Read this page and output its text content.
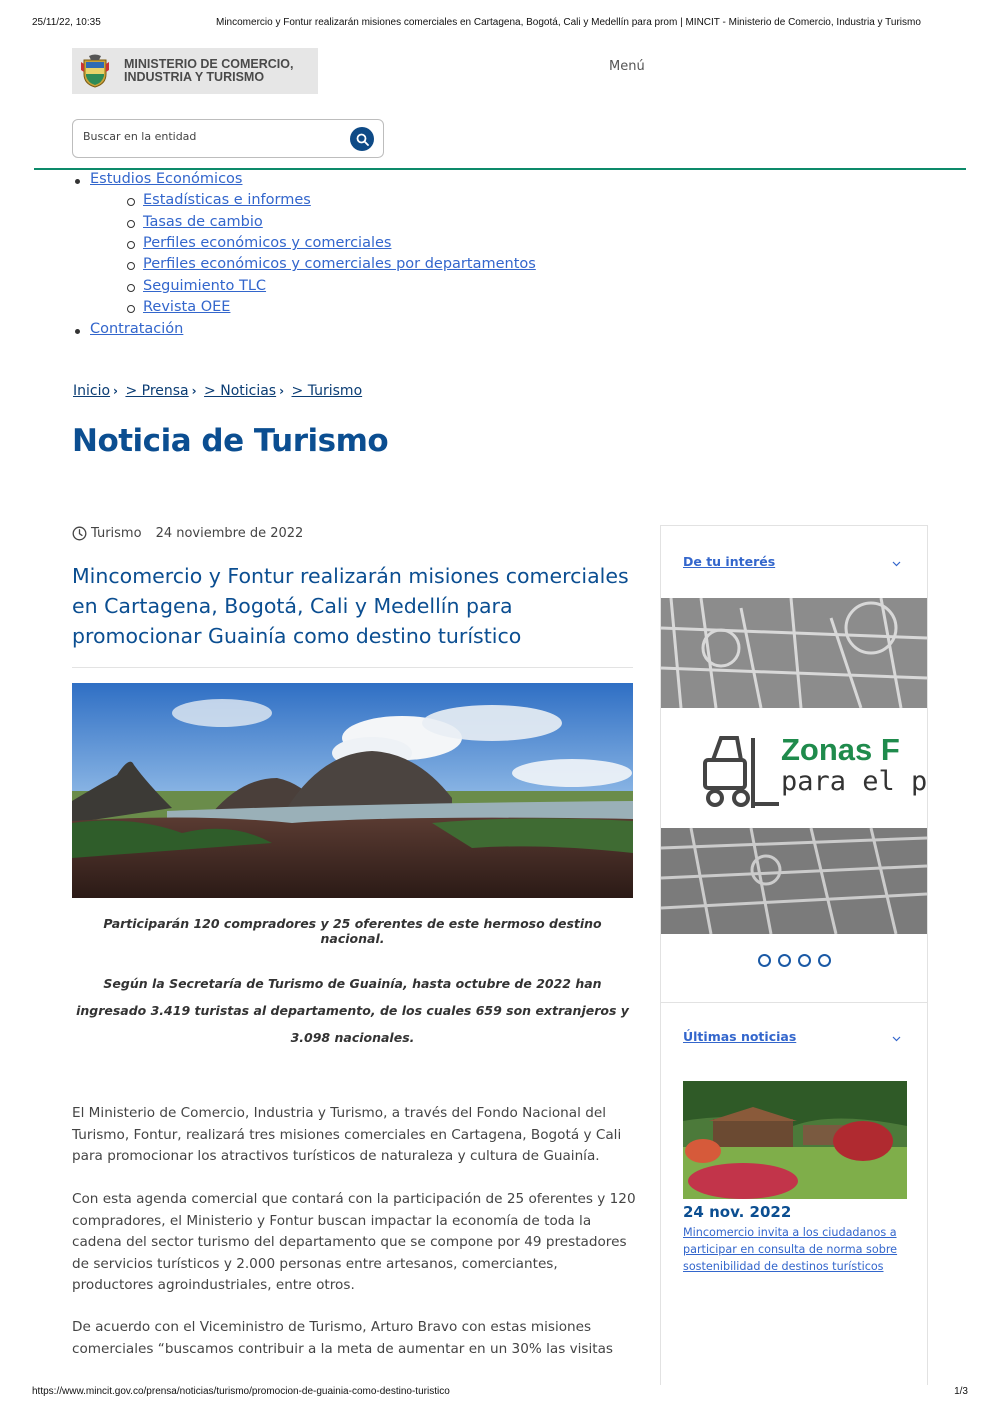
25/11/22, 10:35	Mincomercio y Fontur realizarán misiones comerciales en Cartagena, Bogotá, Cali y Medellín para prom | MINCIT - Ministerio de Comercio, Industria y Turismo
MINISTERIO DE COMERCIO,
INDUSTRIA Y TURISMO
Menú
Buscar en la entidad
Estudios Económicos
Estadísticas e informes
Tasas de cambio
Perfiles económicos y comerciales
Perfiles económicos y comerciales por departamentos
Seguimiento TLC
Revista OEE
Contratación
Inicio › > Prensa › > Noticias › > Turismo
Noticia de Turismo
Turismo 24 noviembre de 2022
Mincomercio y Fontur realizarán misiones comerciales en Cartagena, Bogotá, Cali y Medellín para promocionar Guainía como destino turístico

Participarán 120 compradores y 25 oferentes de este hermoso destino nacional.

Según la Secretaría de Turismo de Guainía, hasta octubre de 2022 han ingresado 3.419 turistas al departamento, de los cuales 659 son extranjeros y 3.098 nacionales.

El Ministerio de Comercio, Industria y Turismo, a través del Fondo Nacional del Turismo, Fontur, realizará tres misiones comerciales en Cartagena, Bogotá y Cali para promocionar los atractivos turísticos de naturaleza y cultura de Guainía.

Con esta agenda comercial que contará con la participación de 25 oferentes y 120 compradores, el Ministerio y Fontur buscan impactar la economía de toda la cadena del sector turismo del departamento que se compone por 49 prestadores de servicios turísticos y 2.000 personas entre artesanos, comerciantes, productores agroindustriales, entre otros.

De acuerdo con el Viceministro de Turismo, Arturo Bravo con estas misiones comerciales “buscamos contribuir a la meta de aumentar en un 30% las visitas

De tu interés
Zonas F
para el p
Últimas noticias
24 nov. 2022
Mincomercio invita a los ciudadanos a participar en consulta de norma sobre sostenibilidad de destinos turísticos
https://www.mincit.gov.co/prensa/noticias/turismo/promocion-de-guainia-como-destino-turistico	1/3
